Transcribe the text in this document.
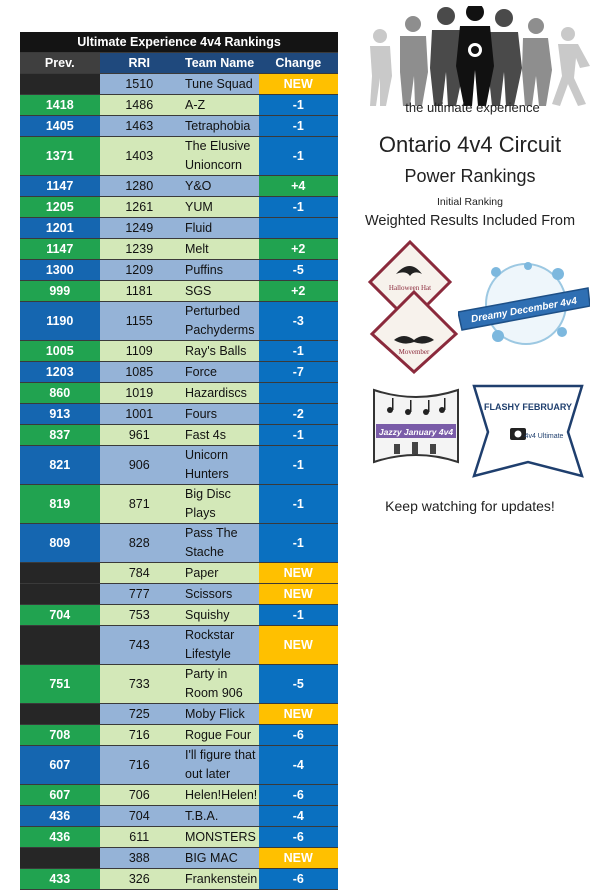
Ultimate Experience 4v4 Rankings			
Prev.	RRI	Team Name	Change
	1510	Tune Squad	NEW
1418	1486	A-Z	-1
1405	1463	Tetraphobia	-1
1371	1403	The Elusive Unioncorn	-1
1147	1280	Y&O	+4
1205	1261	YUM	-1
1201	1249	Fluid	
1147	1239	Melt	+2
1300	1209	Puffins	-5
999	1181	SGS	+2
1190	1155	Perturbed Pachyderms	-3
1005	1109	Ray's Balls	-1
1203	1085	Force	-7
860	1019	Hazardiscs	
913	1001	Fours	-2
837	961	Fast 4s	-1
821	906	Unicorn Hunters	-1
819	871	Big Disc Plays	-1
809	828	Pass The Stache	-1
	784	Paper	NEW
	777	Scissors	NEW
704	753	Squishy	-1
	743	Rockstar Lifestyle	NEW
751	733	Party in Room 906	-5
	725	Moby Flick	NEW
708	716	Rogue Four	-6
607	716	I'll figure that out later	-4
607	706	Helen!Helen!	-6
436	704	T.B.A.	-4
436	611	MONSTERS	-6
	388	BIG MAC	NEW
433	326	Frankenstein	-6
the ultimate experience
Ontario 4v4 Circuit
Power Rankings
Initial Ranking
Weighted Results Included From
Halloween Hat
Movember
Dreamy December 4v4
Jazzy January 4v4
FLASHY FEBRUARY
4v4 Ultimate
Keep watching for updates!
